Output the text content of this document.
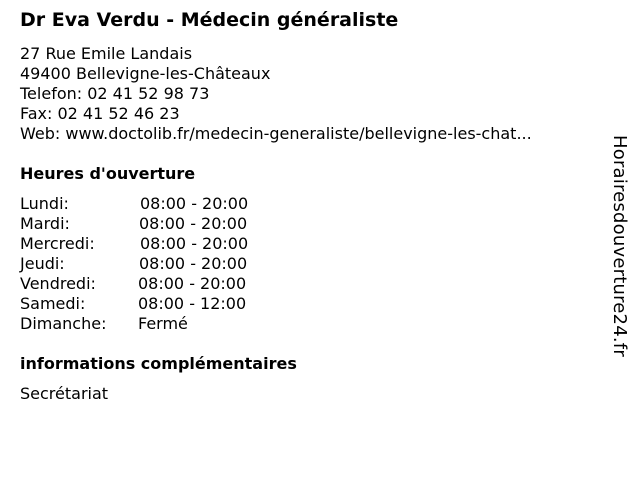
Dr Eva Verdu - Médecin généraliste
27 Rue Emile Landais
49400 Bellevigne-les-Châteaux
Telefon: 02 41 52 98 73
Fax: 02 41 52 46 23
Web: www.doctolib.fr/medecin-generaliste/bellevigne-les-chat...
Heures d'ouverture
Lundi:	08:00 - 20:00
Mardi:	08:00 - 20:00
Mercredi:	08:00 - 20:00
Jeudi:	08:00 - 20:00
Vendredi:	08:00 - 20:00
Samedi:	08:00 - 12:00
Dimanche: Fermé
informations complémentaires
Secrétariat
Horairesdouverture24.fr
